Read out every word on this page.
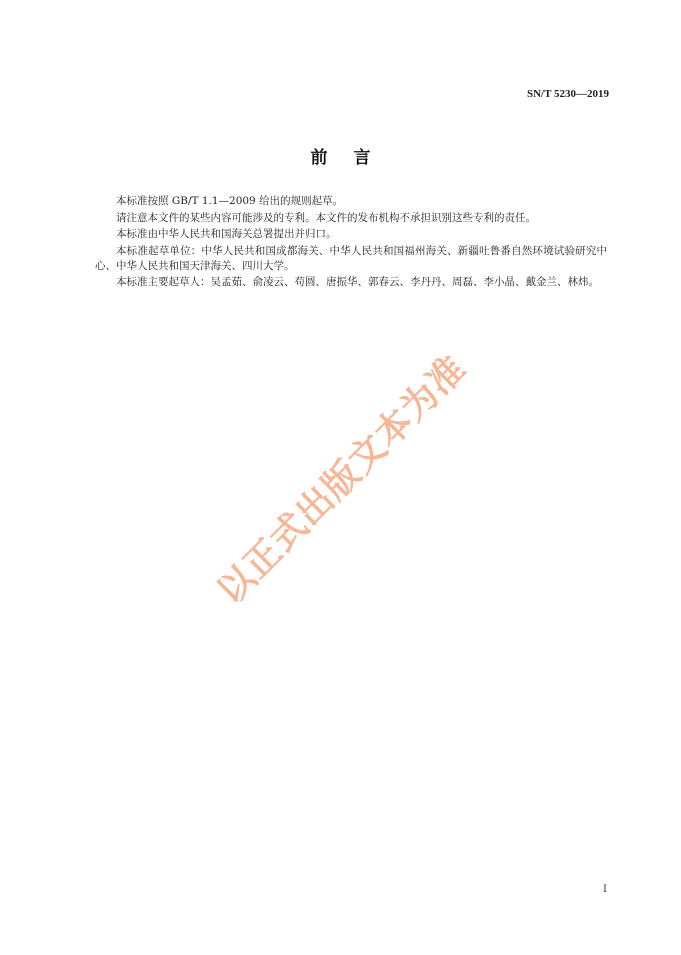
SN/T 5230—2019
前言

本标准按照 GB/T 1.1—2009 给出的规则起草。

请注意本文件的某些内容可能涉及的专利。本文件的发布机构不承担识别这些专利的责任。

本标准由中华人民共和国海关总署提出并归口。

本标准起草单位：中华人民共和国成都海关、中华人民共和国福州海关、新疆吐鲁番自然环境试验研究中心、中华人民共和国天津海关、四川大学。

本标准主要起草人：吴孟茹、俞凌云、苟圆、唐振华、郭春云、李丹丹、周磊、李小晶、戴金兰、林炜。

以正式出版文本为准
I
